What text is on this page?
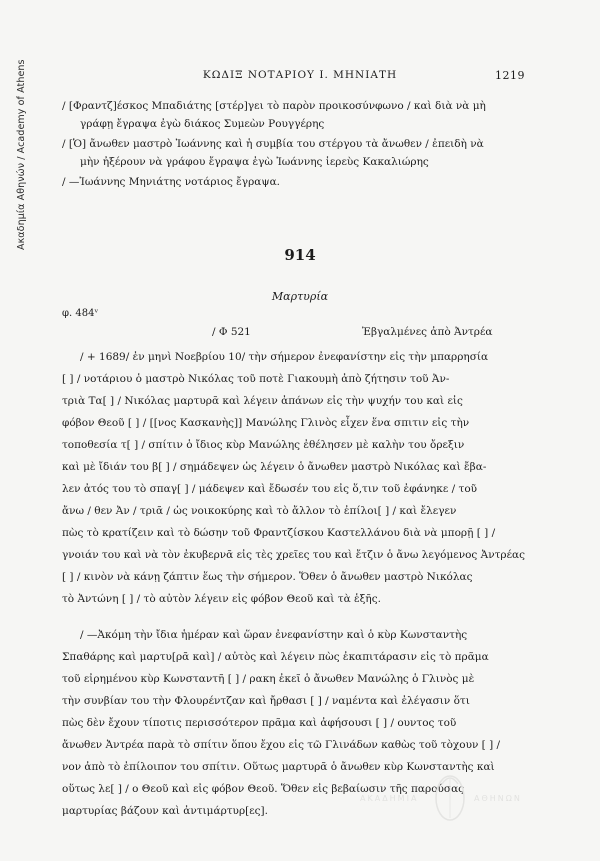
Ακαδημία Αθηνών / Academy of Athens	ΚΩΔΙΞ ΝΟΤΑΡΙΟΥ Ι. ΜΗΝΙΑΤΗ	1219
/ [Φραντζ]έσκος Μπαδιάτης [στέρ]γει τὸ παρὸν προικοσύνφωνο / καὶ διὰ νὰ μὴ
γράφῃ ἔγραψα ἐγὼ διάκος Συμεὼν Ρουγγέρης
/ [Ὁ] ἄνωθεν μαστρὸ Ἰωάννης καὶ ἡ συμβία του στέργου τὰ ἄνωθεν / ἐπειδὴ νὰ
μὴν ἠξέρουν νὰ γράφου ἔγραψα ἐγὼ Ἰωάννης ἱερεὺς Κακαλιώρης
/ —Ἰωάννης Μηνιάτης νοτάριος ἔγραψα.
914
Μαρτυρία
φ. 484ᵛ
/ Φ 521	Ἐβγαλμένες ἀπὸ Ἀντρέα
/ + 1689/ ἐν μηνὶ Νοεβρίου 10/ τὴν σήμερον ἐνεφανίστην εἰς τὴν μπαρρησία
[ ] / νοτάριου ὁ μαστρὸ Νικόλας τοῦ ποτὲ Γιακουμὴ ἀπὸ ζήτησιν τοῦ Ἀν-
τριὰ Τα[ ] / Νικόλας μαρτυρᾶ καὶ λέγειν ἀπάνων εἰς τὴν ψυχήν του καὶ εἰς
φόβον Θεοῦ [ ] / [[νος Κασκανὴς]] Μανώλης Γλινὸς εἶχεν ἕνα σπιτιν εἰς τὴν
τοποθεσία τ[ ] / σπίτιν ὁ ἴδιος κὺρ Μανώλης ἐθέλησεν μὲ καλὴν του ὄρεξιν
καὶ μὲ ἴδιάν του β[ ] / σημάδεψεν ὡς λέγειν ὁ ἄνωθεν μαστρὸ Νικόλας καὶ ἔβα-
λεν ἀτός του τὸ σπαγ[ ] / μάδεψεν καὶ ἔδωσέν του εἰς ὅ,τιν τοῦ ἐφάνηκε / τοῦ
ἄνω / θεν Ἀν / τριᾶ / ὡς νοικοκύρης καὶ τὸ ἄλλον τὸ ἐπίλοι[ ] / καὶ ἔλεγεν
πὼς τὸ κρατίζειν καὶ τὸ δώσην τοῦ Φραντζίσκου Καστελλάνου διὰ νὰ μπορῇ [ ] /
γνοιάν του καὶ νὰ τὸν ἐκυβερνᾶ εἰς τὲς χρεῖες του καὶ ἔτζιν ὁ ἄνω λεγόμενος Ἀντρέας
[ ] / κινὸν νὰ κάνῃ ζάπτιν ἕως τὴν σήμερον. Ὅθεν ὁ ἄνωθεν μαστρὸ Νικόλας
τὸ Ἀντώνη [ ] / τὸ αὐτὸν λέγειν εἰς φόβον Θεοῦ καὶ τὰ ἑξῆς.
/ —Ἀκόμη τὴν ἴδια ἡμέραν καὶ ὥραν ἐνεφανίστην καὶ ὁ κὺρ Κωνσταντὴς
Σπαθάρης καὶ μαρτυ[ρᾶ καὶ] / αὐτὸς καὶ λέγειν πὼς ἐκαπιτάρασιν εἰς τὸ πρᾶμα
τοῦ εἰρημένου κὺρ Κωνσταντῆ [ ] / ρακη ἐκεῖ ὁ ἄνωθεν Μανώλης ὁ Γλινὸς μὲ
τὴν συνβίαν του τὴν Φλουρέντζαν καὶ ἤρθασι [ ] / ναμέντα καὶ ἐλέγασιν ὅτι
πὼς δὲν ἔχουν τίποτις περισσότερον πρᾶμα καὶ ἀφήσουσι [ ] / ουντος τοῦ
ἄνωθεν Ἀντρέα παρὰ τὸ σπίτιν ὅπου ἔχου εἰς τῶ Γλινάδων καθὼς τοῦ τὸχουν [ ] /
νον ἀπὸ τὸ ἐπίλοιπον του σπίτιν. Οὕτως μαρτυρᾶ ὁ ἄνωθεν κὺρ Κωνσταντὴς καὶ
οὕτως λε[ ] / ο Θεοῦ καὶ εἰς φόβον Θεοῦ. Ὅθεν εἰς βεβαίωσιν τῆς παρούσας
μαρτυρίας βάζουν καὶ ἀντιμάρτυρ[ες].
ΑΚΑΔΗΜΙΑ	ΑΘΗΝΩΝ
